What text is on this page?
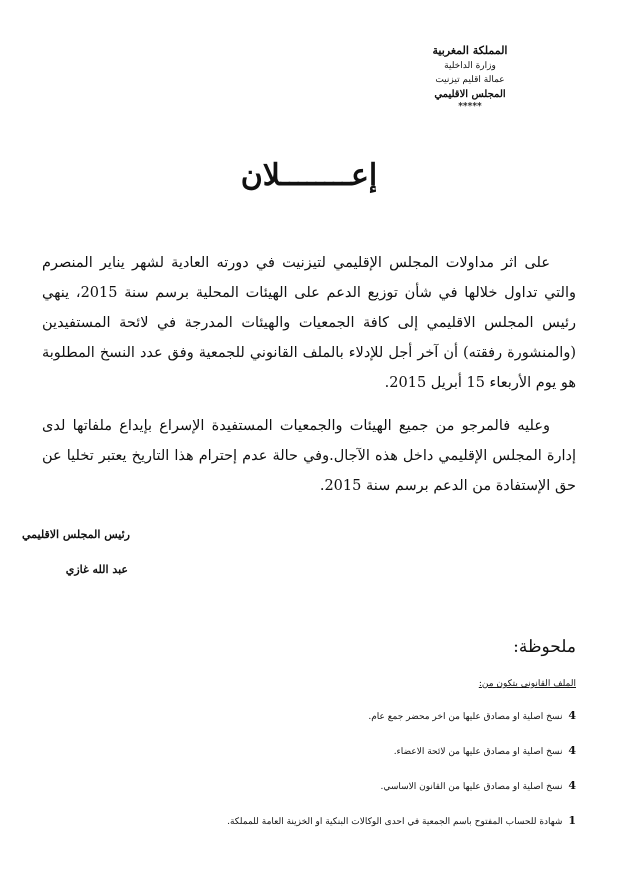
المملكة المغربية
وزارة الداخلية
عمالة اقليم تيزنيت
المجلس الاقليمي
*****
إعــــــــلان

على اثر مداولات المجلس الإقليمي لتيزنيت في دورته العادية لشهر يناير المنصرم والتي تداول خلالها في شأن توزيع الدعم على الهيئات المحلية برسم سنة 2015، ينهي رئيس المجلس الاقليمي إلى كافة الجمعيات والهيئات المدرجة في لائحة المستفيدين (والمنشورة رفقته) أن آخر أجل للإدلاء بالملف القانوني للجمعية وفق عدد النسخ المطلوبة هو يوم الأربعاء 15 أبريل 2015.

وعليه فالمرجو من جميع الهيئات والجمعيات المستفيدة الإسراع بإيداع ملفاتها لدى إدارة المجلس الإقليمي داخل هذه الآجال.وفي حالة عدم إحترام هذا التاريخ يعتبر تخليا عن حق الإستفادة من الدعم برسم سنة 2015.

رئيس المجلس الاقليمي
عبد الله غازي
ملحوظة:
الملف القانوني يتكون من:
4 نسخ اصلية او مصادق عليها من اخر محضر جمع عام.
4 نسخ اصلية او مصادق عليها من لائحة الاعضاء.
4 نسخ اصلية او مصادق عليها من القانون الاساسي.
1 شهادة للحساب المفتوح باسم الجمعية في احدى الوكالات البنكية او الخزينة العامة للمملكة.
